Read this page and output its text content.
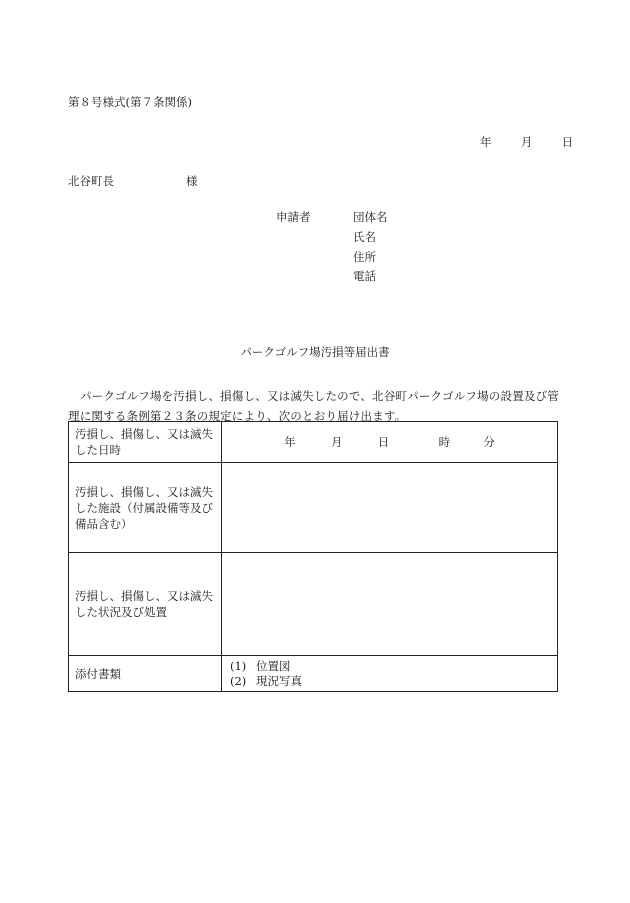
第８号様式(第７条関係)
年	月	日
北谷町長	様
申請者	団体名
氏名
住所
電話
パークゴルフ場汚損等届出書
パークゴルフ場を汚損し、損傷し、又は滅失したので、北谷町パークゴルフ場の設置及び管理に関する条例第２３条の規定により、次のとおり届け出ます。
汚損し、損傷し、又は滅失した日時	年 月 日 時 分

汚損し、損傷し、又は滅失した施設（付属設備等及び備品含む）	
汚損し、損傷し、又は滅失した状況及び処置	
添付書類	(1) 位置図
(2) 現況写真
